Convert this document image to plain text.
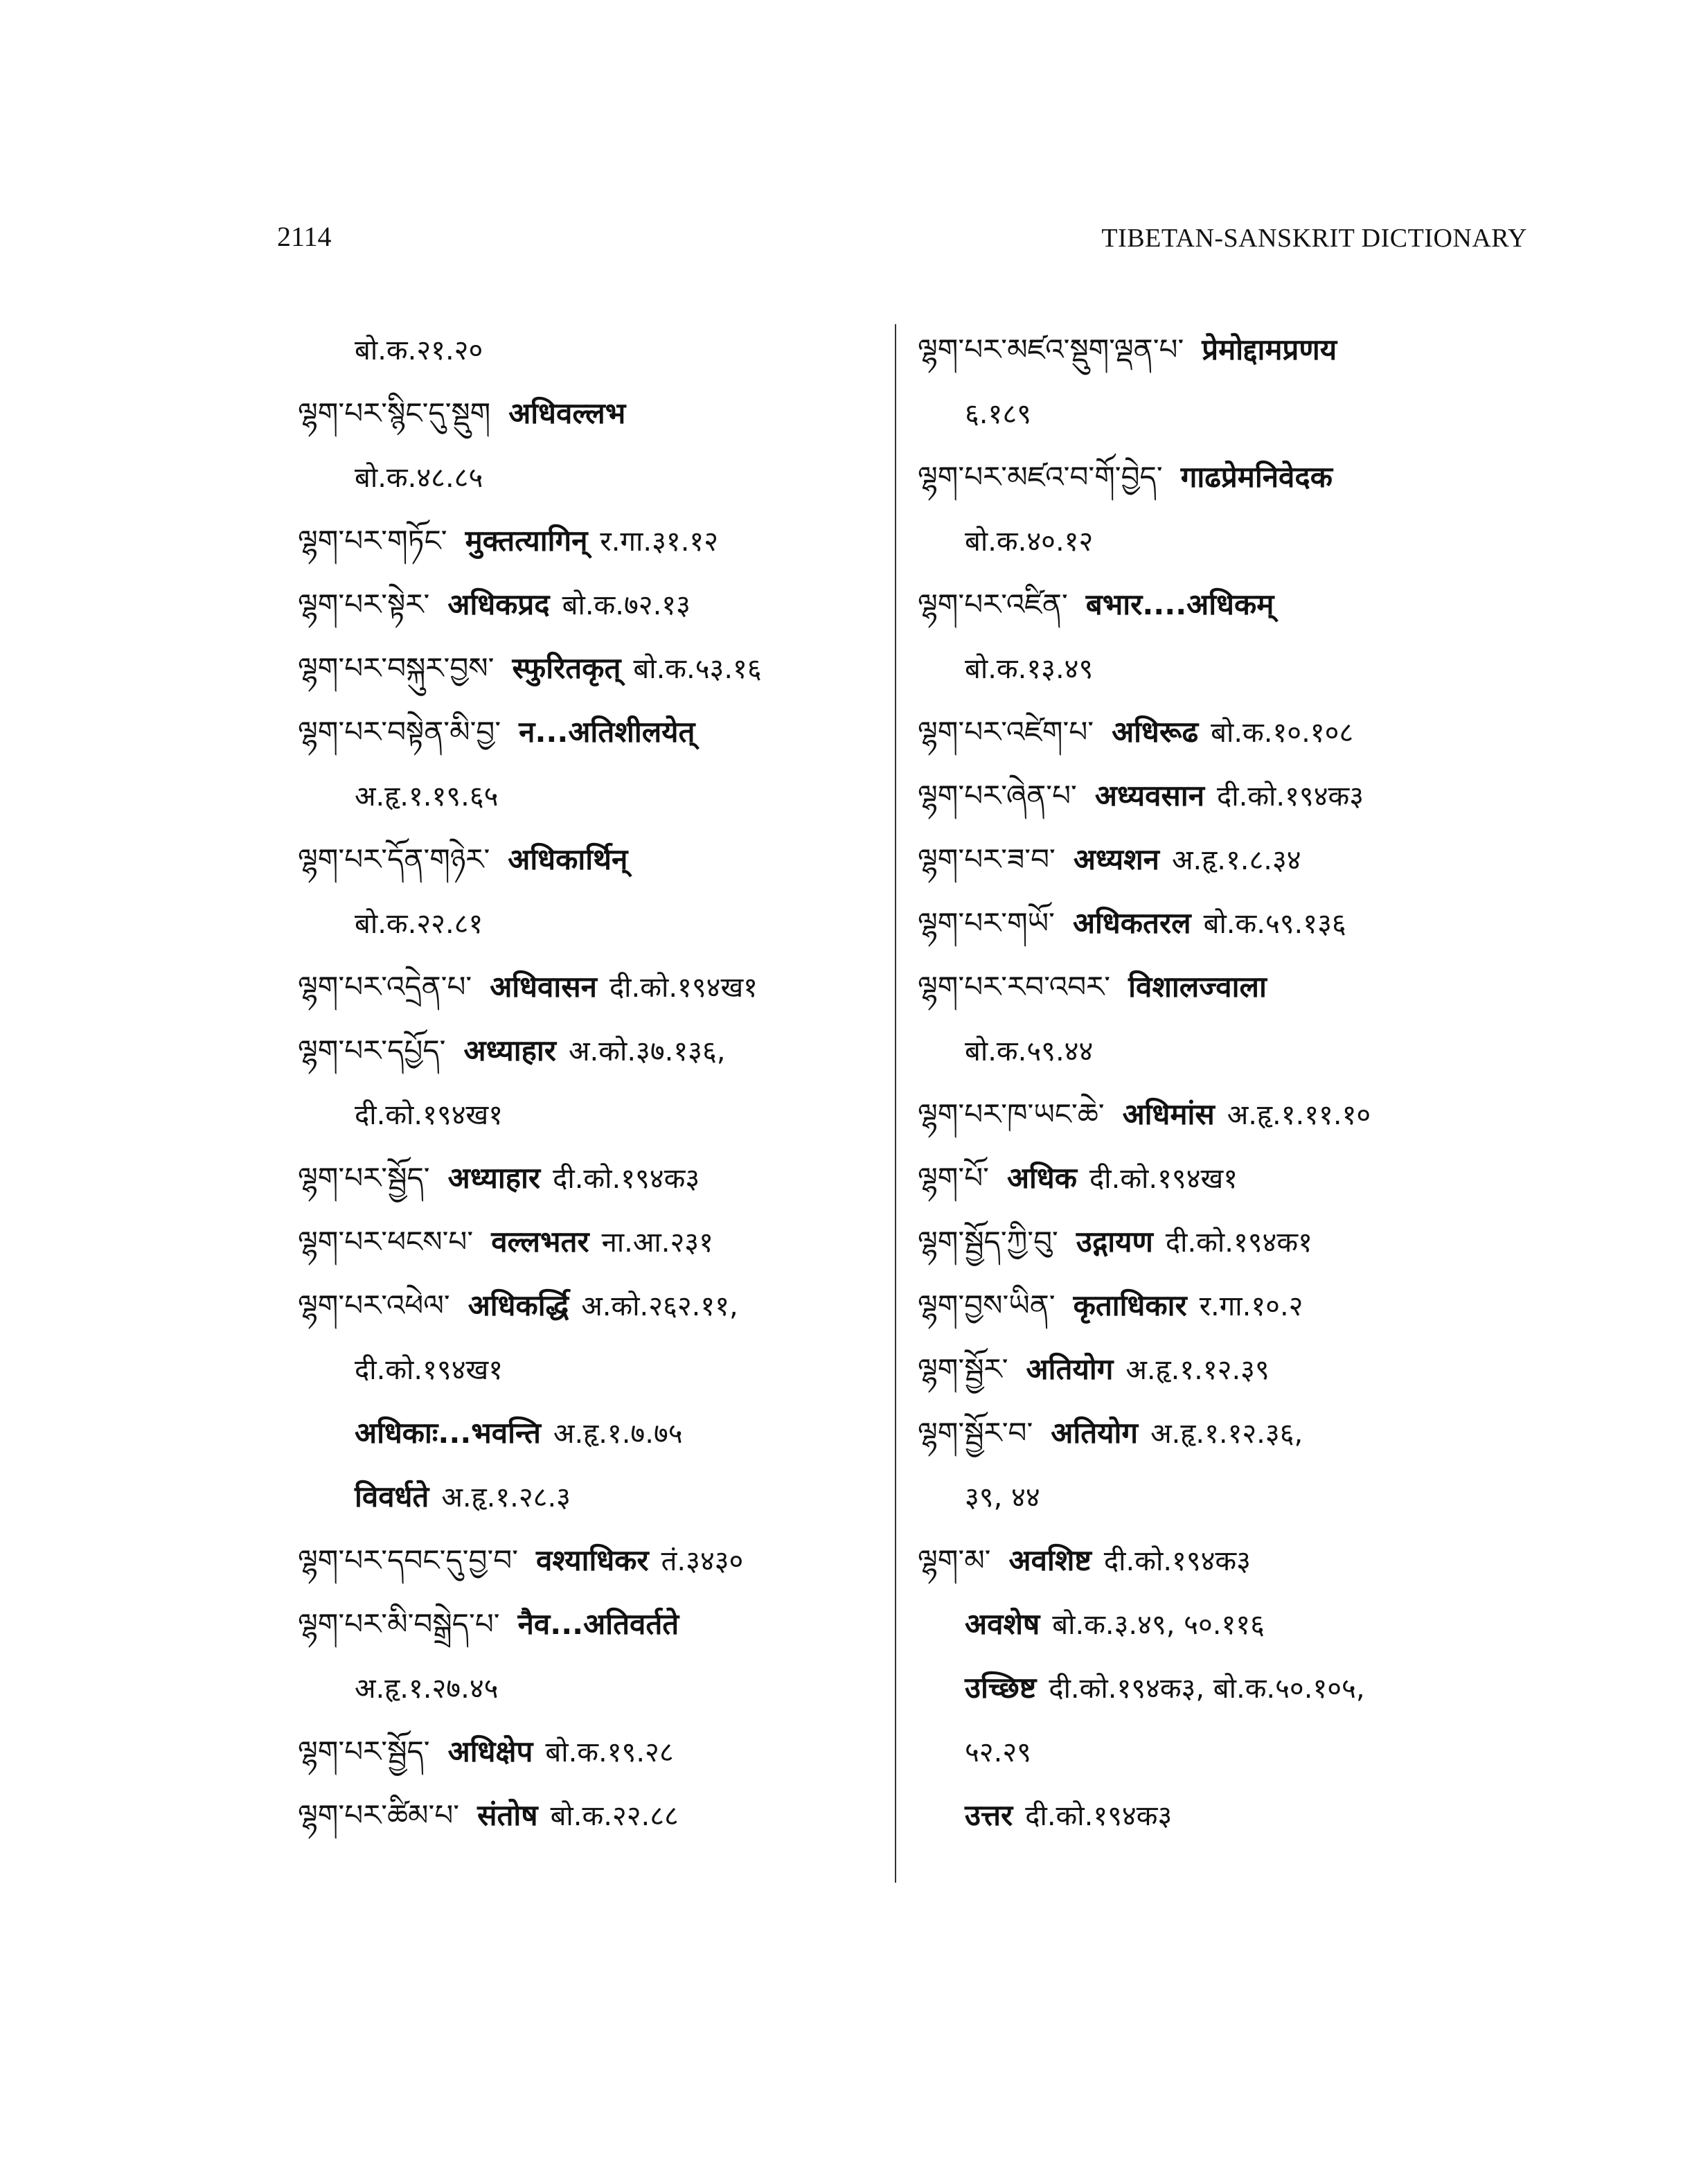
2114	TIBETAN-SANSKRIT DICTIONARY
बो.क.२१.२०
ལྷག་པར་སྙིང་དུ་སྡུག अधिवल्लभ
बो.क.४८.८५
ལྷག་པར་གཏོང་ मुक्तत्यागिन् र.गा.३१.१२
ལྷག་པར་སྟེར་ अधिकप्रद बो.क.७२.१३
ལྷག་པར་བསྐུར་བྱས་ स्फुरितकृत् बो.क.५३.१६
ལྷག་པར་བསྟེན་མི་བྱ་ न...अतिशीलयेत्
अ.हृ.१.१९.६५
ལྷག་པར་དོན་གཉེར་ अधिकार्थिन्
बो.क.२२.८१
ལྷག་པར་འདྲེན་པ་ अधिवासन दी.को.१९४ख१
ལྷག་པར་དཔྱོད་ अध्याहार अ.को.३७.१३६,
दी.को.१९४ख१
ལྷག་པར་སྦྱོད་ अध्याहार दी.को.१९४क३
ལྷག་པར་ཕངས་པ་ वल्लभतर ना.आ.२३१
ལྷག་པར་འཕེལ་ अधिकर्द्धि अ.को.२६२.११,
दी.को.१९४ख१
अधिकाः...भवन्ति अ.हृ.१.७.७५
विवर्धते अ.हृ.१.२८.३
ལྷག་པར་དབང་དུ་བྱ་བ་ वश्याधिकर तं.३४३०
ལྷག་པར་མི་བསྒྲེད་པ་ नैव...अतिवर्तते
अ.हृ.१.२७.४५
ལྷག་པར་སྦྱོད་ अधिक्षेप बो.क.१९.२८
ལྷག་པར་ཚིམ་པ་ संतोष बो.क.२२.८८
ལྷག་པར་མཛའ་སྡུག་ལྡན་པ་ प्रेमोद्दामप्रणय
६.१८९
ལྷག་པར་མཛའ་བ་གོ་བྱེད་ गाढप्रेमनिवेदक
बो.क.४०.१२
ལྷག་པར་འཛིན་ बभार....अधिकम्
बो.क.१३.४९
ལྷག་པར་འཛེག་པ་ अधिरूढ बो.क.१०.१०८
ལྷག་པར་ཞེན་པ་ अध्यवसान दी.को.१९४क३
ལྷག་པར་ཟ་བ་ अध्यशन अ.हृ.१.८.३४
ལྷག་པར་གཡོ་ अधिकतरल बो.क.५९.१३६
ལྷག་པར་རབ་འབར་ विशालज्वाला
बो.क.५९.४४
ལྷག་པར་ཁ་ཡང་ཆེ་ अधिमांस अ.हृ.१.११.१०
ལྷག་པོ་ अधिक दी.को.१९४ख१
ལྷག་སྦྱོད་ཀྱི་བུ་ उद्गायण दी.को.१९४क१
ལྷག་བྱས་ཡིན་ कृताधिकार र.गा.१०.२
ལྷག་སྦྱོར་ अतियोग अ.हृ.१.१२.३९
ལྷག་སྦྱོར་བ་ अतियोग अ.हृ.१.१२.३६,
३९, ४४
ལྷག་མ་ अवशिष्ट दी.को.१९४क३
अवशेष बो.क.३.४९, ५०.११६
उच्छिष्ट दी.को.१९४क३, बो.क.५०.१०५,
५२.२९
उत्तर दी.को.१९४क३
